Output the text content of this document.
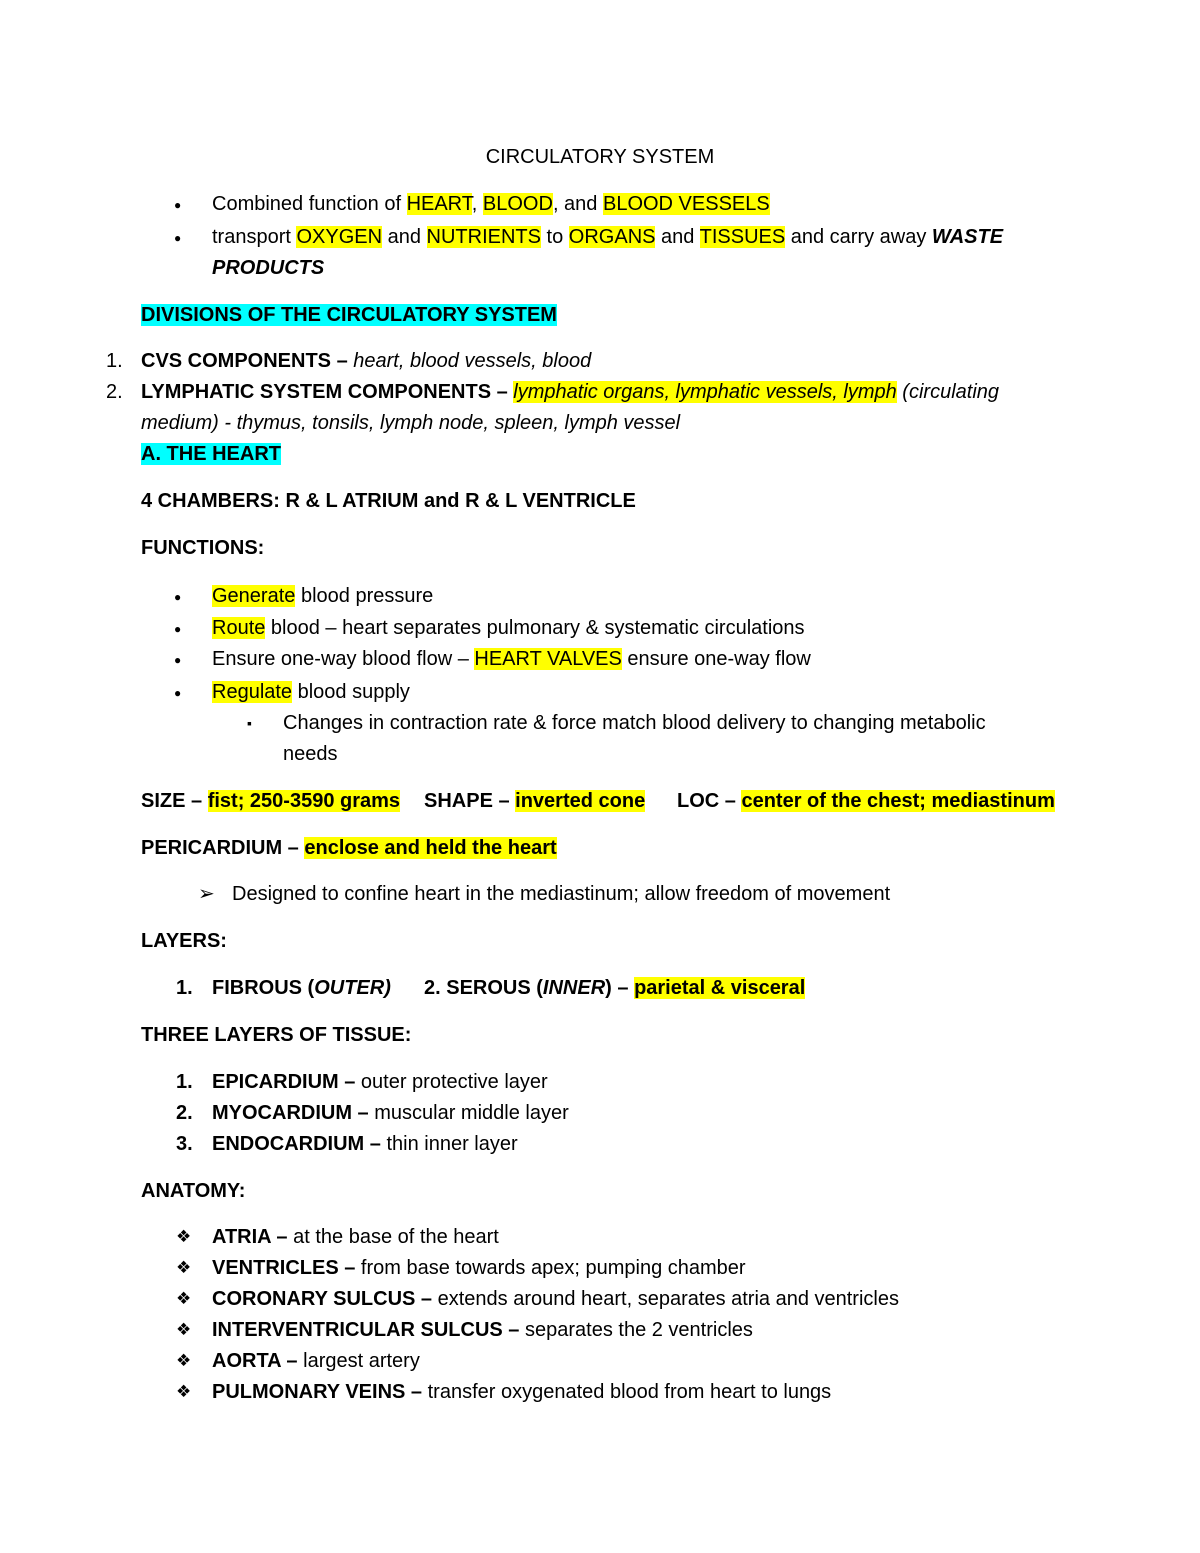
CIRCULATORY SYSTEM
● Combined function of HEART, BLOOD, and BLOOD VESSELS
● transport OXYGEN and NUTRIENTS to ORGANS and TISSUES and carry away WASTE
PRODUCTS
DIVISIONS OF THE CIRCULATORY SYSTEM
1. CVS COMPONENTS – heart, blood vessels, blood
2. LYMPHATIC SYSTEM COMPONENTS – lymphatic organs, lymphatic vessels, lymph (circulating
medium) - thymus, tonsils, lymph node, spleen, lymph vessel
A. THE HEART
4 CHAMBERS: R & L ATRIUM and R & L VENTRICLE
FUNCTIONS:
● Generate blood pressure
● Route blood – heart separates pulmonary & systematic circulations
● Ensure one-way blood flow – HEART VALVES ensure one-way flow
● Regulate blood supply
▪ Changes in contraction rate & force match blood delivery to changing metabolic
needs
SIZE – fist; 250-3590 grams SHAPE – inverted cone LOC – center of the chest; mediastinum
PERICARDIUM – enclose and held the heart
➢ Designed to confine heart in the mediastinum; allow freedom of movement
LAYERS:
1. FIBROUS (OUTER) 2. SEROUS (INNER) – parietal & visceral
THREE LAYERS OF TISSUE:
1. EPICARDIUM – outer protective layer
2. MYOCARDIUM – muscular middle layer
3. ENDOCARDIUM – thin inner layer
ANATOMY:
❖ ATRIA – at the base of the heart
❖ VENTRICLES – from base towards apex; pumping chamber
❖ CORONARY SULCUS – extends around heart, separates atria and ventricles
❖ INTERVENTRICULAR SULCUS – separates the 2 ventricles
❖ AORTA – largest artery
❖ PULMONARY VEINS – transfer oxygenated blood from heart to lungs
